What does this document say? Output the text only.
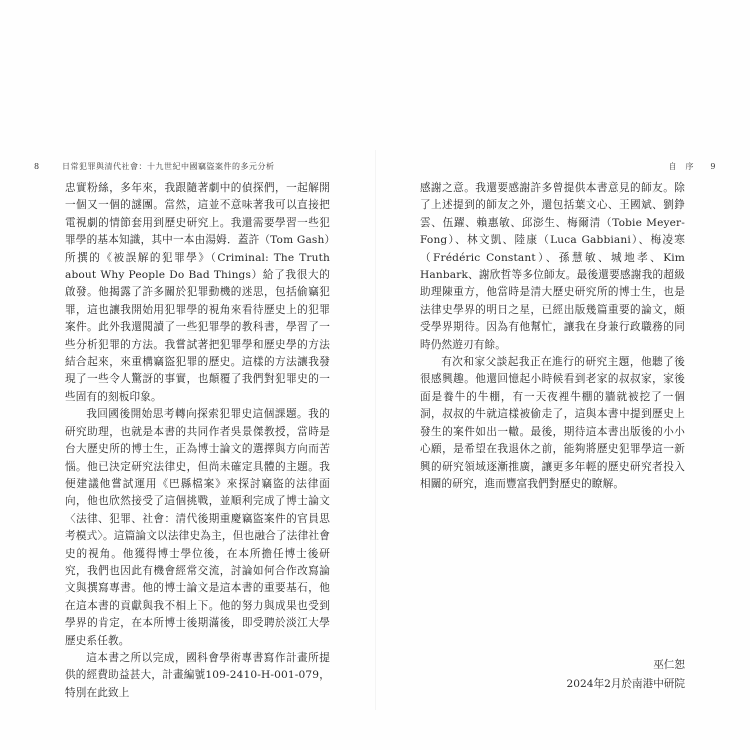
8	日常犯罪與清代社會：十九世紀中國竊盜案件的多元分析

忠實粉絲，多年來，我跟隨著劇中的偵探們，一起解開一個又一個的謎團。當然，這並不意味著我可以直接把電視劇的情節套用到歷史研究上。我還需要學習一些犯罪學的基本知識，其中一本由湯姆．蓋許（Tom Gash）所撰的《被誤解的犯罪學》（Criminal: The Truth about Why People Do Bad Things）給了我很大的啟發。他揭露了許多關於犯罪動機的迷思，包括偷竊犯罪，這也讓我開始用犯罪學的視角來看待歷史上的犯罪案件。此外我還閱讀了一些犯罪學的教科書，學習了一些分析犯罪的方法。我嘗試著把犯罪學和歷史學的方法結合起來，來重構竊盜犯罪的歷史。這樣的方法讓我發現了一些令人驚訝的事實，也顛覆了我們對犯罪史的一些固有的刻板印象。

我回國後開始思考轉向探索犯罪史這個課題。我的研究助理，也就是本書的共同作者吳景傑教授，當時是台大歷史所的博士生，正為博士論文的選擇與方向而苦惱。他已決定研究法律史，但尚未確定具體的主題。我便建議他嘗試運用《巴縣檔案》來探討竊盜的法律面向，他也欣然接受了這個挑戰，並順利完成了博士論文〈法律、犯罪、社會：清代後期重慶竊盜案件的官員思考模式〉。這篇論文以法律史為主，但也融合了法律社會史的視角。他獲得博士學位後，在本所擔任博士後研究，我們也因此有機會經常交流，討論如何合作改寫論文與撰寫專書。他的博士論文是這本書的重要基石，他在這本書的貢獻與我不相上下。他的努力與成果也受到學界的肯定，在本所博士後期滿後，即受聘於淡江大學歷史系任教。

這本書之所以完成，國科會學術專書寫作計畫所提供的經費助益甚大，計畫編號109-2410-H-001-079，特別在此致上

自　序 9

感謝之意。我還要感謝許多曾提供本書意見的師友。除了上述提到的師友之外，還包括葉文心、王國斌、劉錚雲、伍躍、賴惠敏、邱澎生、梅爾清（Tobie Meyer-Fong）、林文凱、陸康（Luca Gabbiani）、梅凌寒（Frédéric Constant）、孫慧敏、城地孝、Kim Hanbark、謝欣哲等多位師友。最後還要感謝我的超級助理陳重方，他當時是清大歷史研究所的博士生，也是法律史學界的明日之星，已經出版幾篇重要的論文，頗受學界期待。因為有他幫忙，讓我在身兼行政職務的同時仍然遊刃有餘。

有次和家父談起我正在進行的研究主題，他聽了後很感興趣。他還回憶起小時候看到老家的叔叔家，家後面是養牛的牛棚，有一天夜裡牛棚的牆就被挖了一個洞，叔叔的牛就這樣被偷走了，這與本書中提到歷史上發生的案件如出一轍。最後，期待這本書出版後的小小心願，是希望在我退休之前，能夠將歷史犯罪學這一新興的研究領域逐漸推廣，讓更多年輕的歷史研究者投入相關的研究，進而豐富我們對歷史的瞭解。

巫仁恕
2024年2月於南港中研院
